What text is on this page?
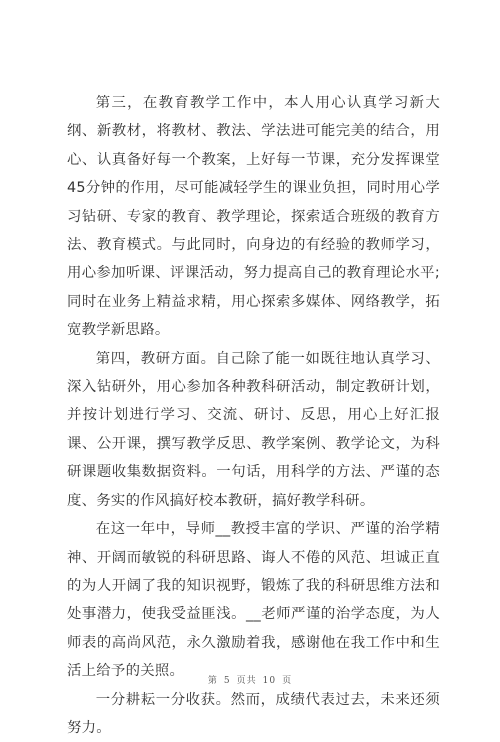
第三，在教育教学工作中，本人用心认真学习新大纲、新教材，将教材、教法、学法进可能完美的结合，用心、认真备好每一个教案，上好每一节课，充分发挥课堂45分钟的作用，尽可能减轻学生的课业负担，同时用心学习钻研、专家的教育、教学理论，探索适合班级的教育方法、教育模式。与此同时，向身边的有经验的教师学习，用心参加听课、评课活动，努力提高自己的教育理论水平;同时在业务上精益求精，用心探索多媒体、网络教学，拓宽教学新思路。

第四，教研方面。自己除了能一如既往地认真学习、深入钻研外，用心参加各种教科研活动，制定教研计划，并按计划进行学习、交流、研讨、反思，用心上好汇报课、公开课，撰写教学反思、教学案例、教学论文，为科研课题收集数据资料。一句话，用科学的方法、严谨的态度、务实的作风搞好校本教研，搞好教学科研。

在这一年中，导师__教授丰富的学识、严谨的治学精神、开阔而敏锐的科研思路、诲人不倦的风范、坦诚正直的为人开阔了我的知识视野，锻炼了我的科研思维方法和处事潜力，使我受益匪浅。__老师严谨的治学态度，为人师表的高尚风范，永久激励着我，感谢他在我工作中和生活上给予的关照。

一分耕耘一分收获。然而，成绩代表过去，未来还须努力。

第 5 页共 10 页
